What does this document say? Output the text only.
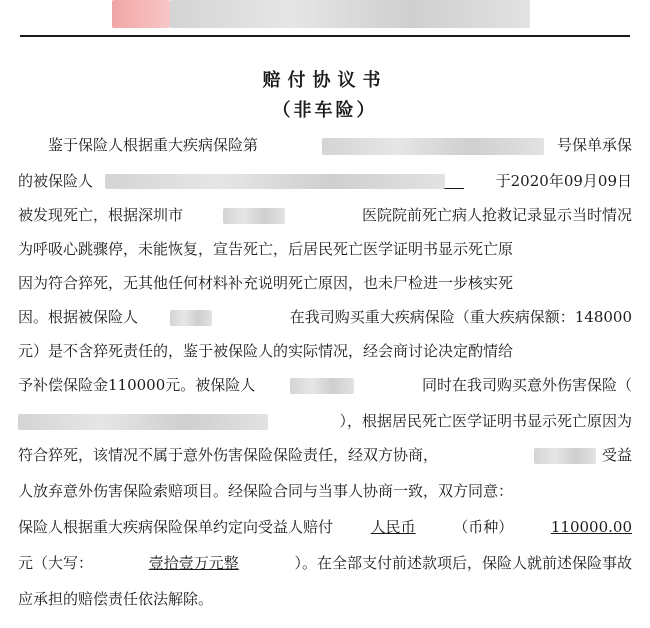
赔付协议书
（非车险）
　　鉴于保险人根据重大疾病保险第	号保单承保
的被保险人	于2020年09月09日
被发现死亡，根据深圳市	医院院前死亡病人抢救记录显示当时情况
为呼吸心跳骤停，未能恢复，宣告死亡，后居民死亡医学证明书显示死亡原
因为符合猝死，无其他任何材料补充说明死亡原因，也未尸检进一步核实死
因。根据被保险人	在我司购买重大疾病保险（重大疾病保额：148000
元）是不含猝死责任的，鉴于被保险人的实际情况，经会商讨论决定酌情给
予补偿保险金110000元。被保险人	同时在我司购买意外伤害保险（
），根据居民死亡医学证明书显示死亡原因为
符合猝死，该情况不属于意外伤害保险保险责任，经双方协商，	受益
人放弃意外伤害保险索赔项目。经保险合同与当事人协商一致，双方同意：
保险人根据重大疾病保险保单约定向受益人赔付	人民币	（币种）	110000.00
元（大写：	壹拾壹万元整	）。在全部支付前述款项后，保险人就前述保险事故
应承担的赔偿责任依法解除。
